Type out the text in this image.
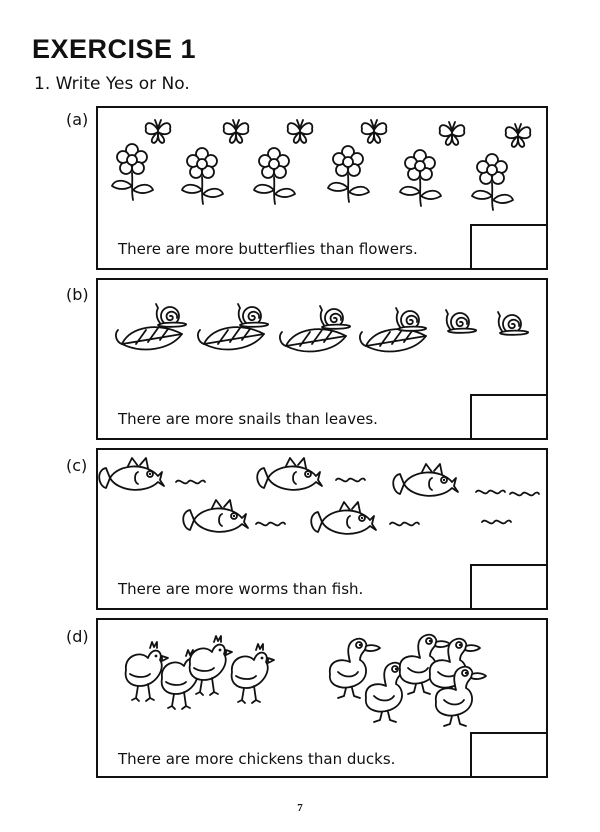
EXERCISE 1
1. Write Yes or No.
(a)
There are more butterflies than flowers.
(b)
There are more snails than leaves.
(c)
There are more worms than fish.
(d)
There are more chickens than ducks.
7
